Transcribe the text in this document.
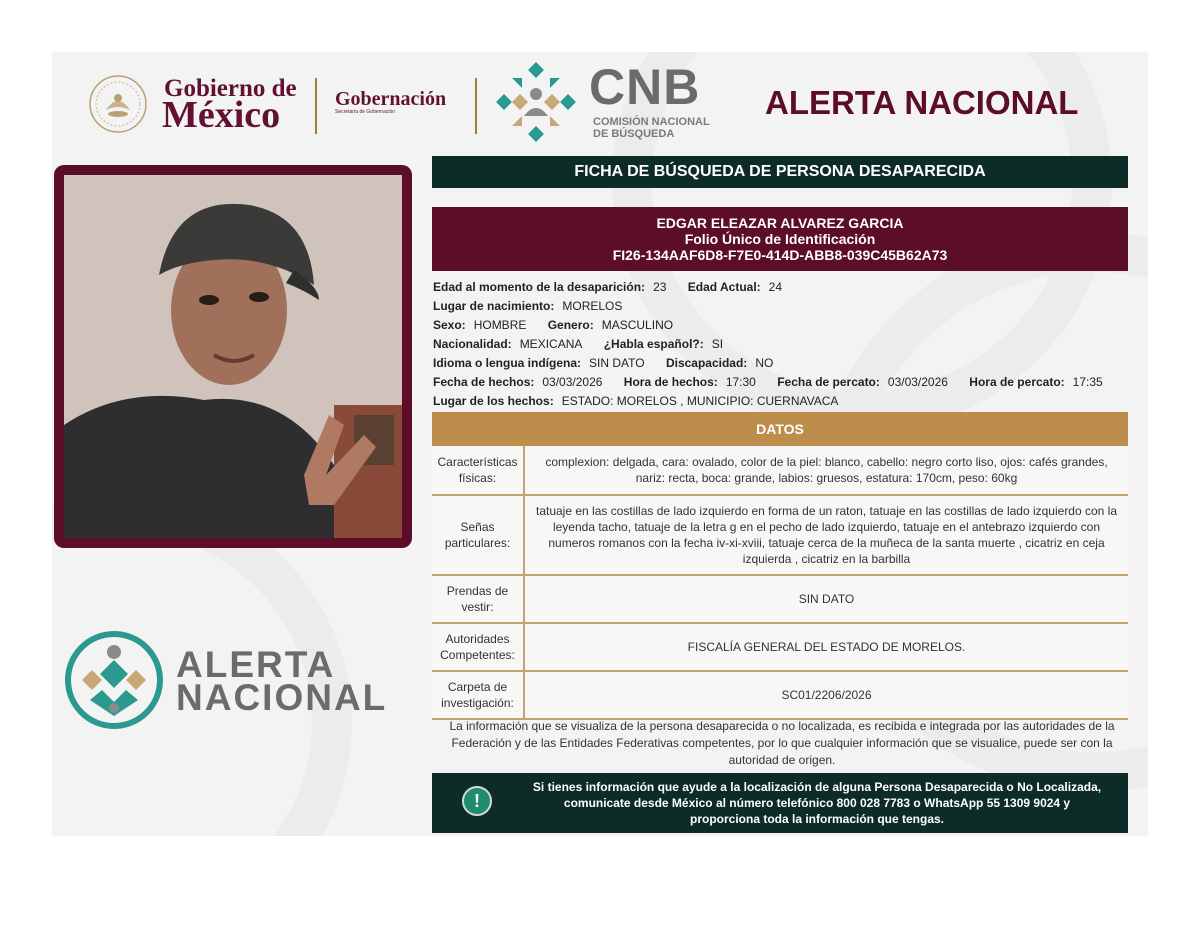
Gobierno de
México	Gobernación
Secretaría de Gobernación	CNB
COMISIÓN NACIONAL
DE BÚSQUEDA
ALERTA NACIONAL
ALERTA
NACIONAL
FICHA DE BÚSQUEDA DE PERSONA DESAPARECIDA
EDGAR ELEAZAR ALVAREZ GARCIA
Folio Único de Identificación
FI26-134AAF6D8-F7E0-414D-ABB8-039C45B62A73
Edad al momento de la desaparición: 23 Edad Actual: 24
Lugar de nacimiento: MORELOS
Sexo: HOMBRE Genero: MASCULINO
Nacionalidad: MEXICANA ¿Habla español?: SI
Idioma o lengua indígena: SIN DATO Discapacidad: NO
Fecha de hechos: 03/03/2026 Hora de hechos: 17:30 Fecha de percato: 03/03/2026 Hora de percato: 17:35
Lugar de los hechos: ESTADO: MORELOS , MUNICIPIO: CUERNAVACA
DATOS
Características físicas:
complexion: delgada, cara: ovalado, color de la piel: blanco, cabello: negro corto liso, ojos: cafés grandes, nariz: recta, boca: grande, labios: gruesos, estatura: 170cm, peso: 60kg
Señas particulares:
tatuaje en las costillas de lado izquierdo en forma de un raton, tatuaje en las costillas de lado izquierdo con la leyenda tacho, tatuaje de la letra g en el pecho de lado izquierdo, tatuaje en el antebrazo izquierdo con numeros romanos con la fecha iv-xi-xviii, tatuaje cerca de la muñeca de la santa muerte , cicatriz en ceja izquierda , cicatriz en la barbilla
Prendas de vestir:
SIN DATO
Autoridades Competentes:
FISCALÍA GENERAL DEL ESTADO DE MORELOS.
Carpeta de investigación:
SC01/2206/2026
La información que se visualiza de la persona desaparecida o no localizada, es recibida e integrada por las autoridades de la Federación y de las Entidades Federativas competentes, por lo que cualquier información que se visualice, puede ser con la autoridad de origen.
!
Si tienes información que ayude a la localización de alguna Persona Desaparecida o No Localizada,
comunicate desde México al número telefónico 800 028 7783 o WhatsApp 55 1309 9024 y
proporciona toda la información que tengas.
